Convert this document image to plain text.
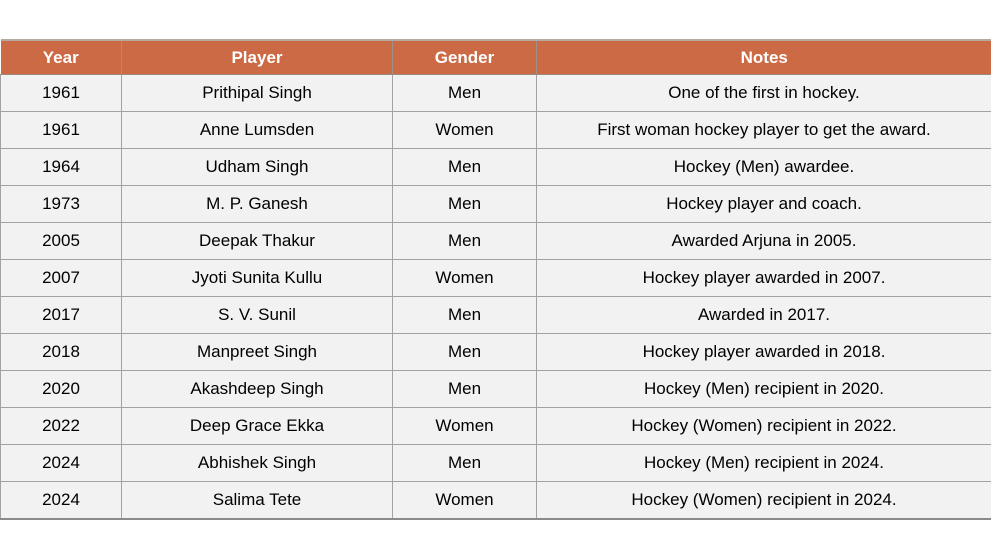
Year	Player	Gender	Notes
1961	Prithipal Singh	Men	One of the first in hockey.
1961	Anne Lumsden	Women	First woman hockey player to get the award.
1964	Udham Singh	Men	Hockey (Men) awardee.
1973	M. P. Ganesh	Men	Hockey player and coach.
2005	Deepak Thakur	Men	Awarded Arjuna in 2005.
2007	Jyoti Sunita Kullu	Women	Hockey player awarded in 2007.
2017	S. V. Sunil	Men	Awarded in 2017.
2018	Manpreet Singh	Men	Hockey player awarded in 2018.
2020	Akashdeep Singh	Men	Hockey (Men) recipient in 2020.
2022	Deep Grace Ekka	Women	Hockey (Women) recipient in 2022.
2024	Abhishek Singh	Men	Hockey (Men) recipient in 2024.
2024	Salima Tete	Women	Hockey (Women) recipient in 2024.
